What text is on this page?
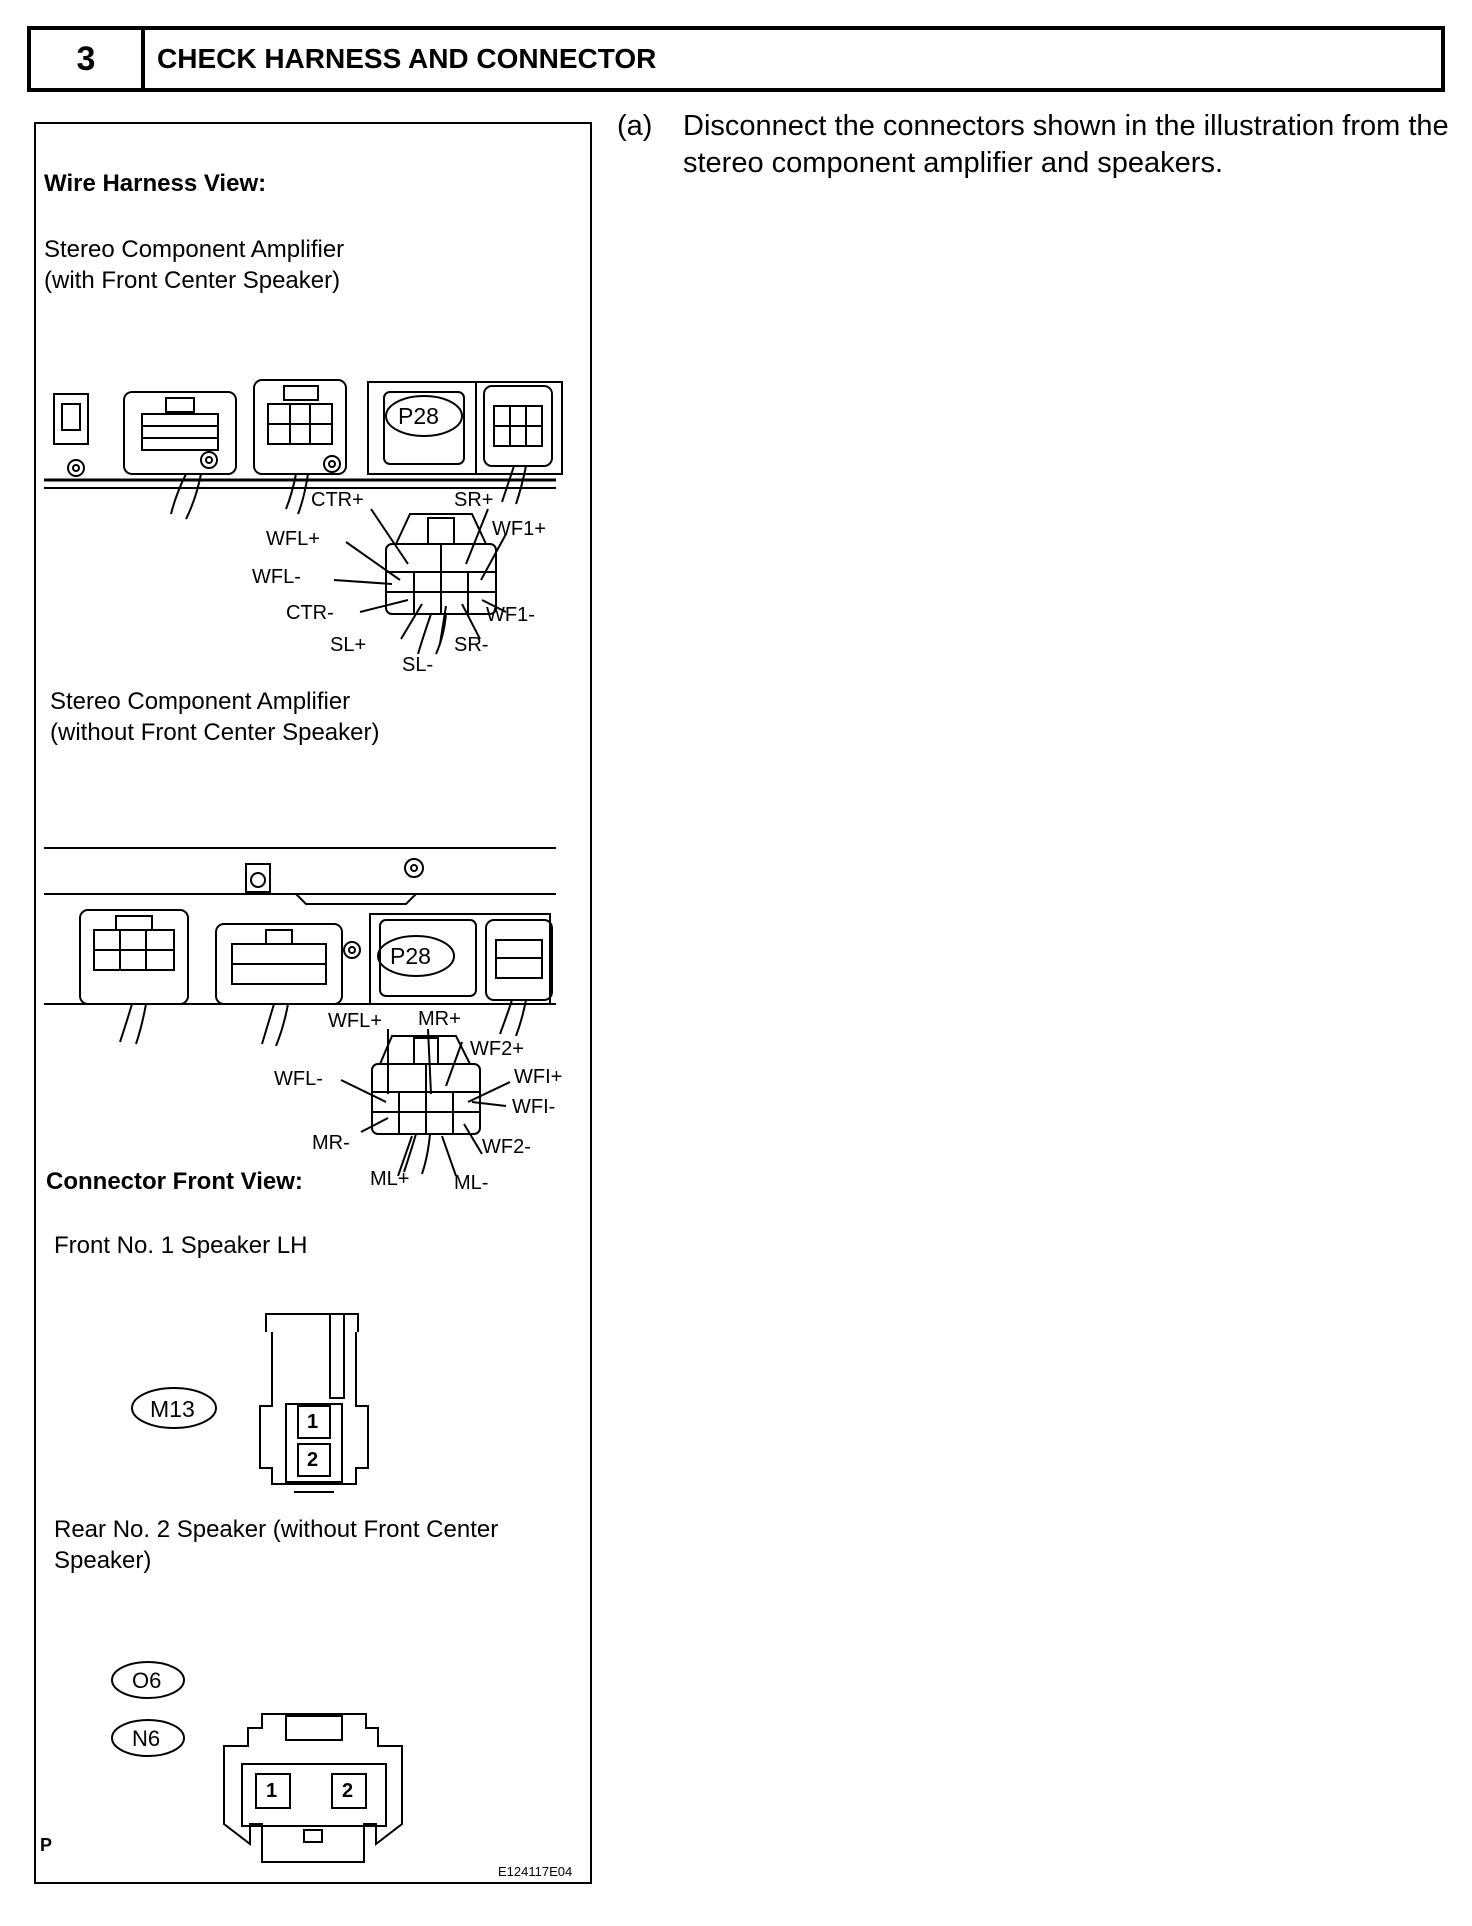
3	CHECK HARNESS AND CONNECTOR
Wire Harness View:
Stereo Component Amplifier
(with Front Center Speaker)
P28
CTR+	SR+
WFL+	WF1+
WFL-
CTR-	WF1-
SL+	SR-
SL-
Stereo Component Amplifier
(without Front Center Speaker)
P28
WFL+ MR+
WF2+
WFL-	WFI+
WFI-
MR-	WF2-
ML+ ML-
Connector Front View:
Front No. 1 Speaker LH
M13	1
2
Rear No. 2 Speaker (without Front Center
Speaker)
O6
N6
1	2
P
E124117E04
(a) Disconnect the connectors shown in the illustration from the stereo component amplifier and speakers.
